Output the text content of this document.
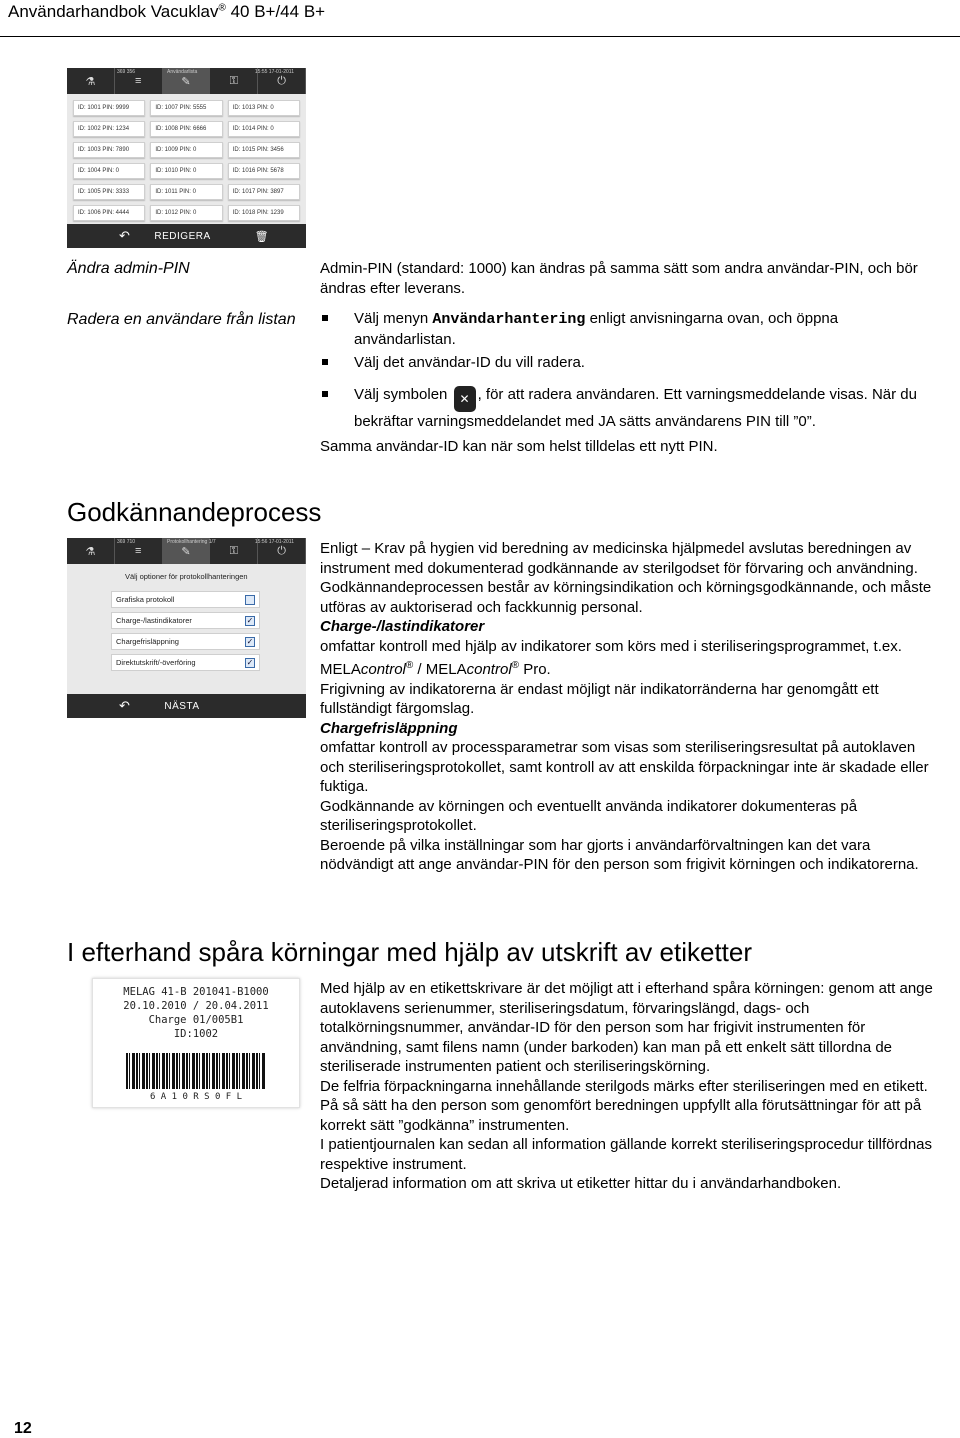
Användarhandbok Vacuklav® 40 B+/44 B+
⚗	≡	✎	⚿	⏻
369 356	Användarlista	15:55 17-01-2011
ID: 1001 PIN: 9999	ID: 1007 PIN: 5555	ID: 1013 PIN: 0
ID: 1002 PIN: 1234	ID: 1008 PIN: 6666	ID: 1014 PIN: 0
ID: 1003 PIN: 7890	ID: 1009 PIN: 0	ID: 1015 PIN: 3456
ID: 1004 PIN: 0	ID: 1010 PIN: 0	ID: 1016 PIN: 5678
ID: 1005 PIN: 3333	ID: 1011 PIN: 0	ID: 1017 PIN: 3897
ID: 1006 PIN: 4444	ID: 1012 PIN: 0	ID: 1018 PIN: 1239
↶ REDIGERA	🗑
Ändra admin-PIN	Admin-PIN (standard: 1000) kan ändras på samma sätt som andra användar-PIN, och bör ändras efter leverans.
Radera en användare från listan	Välj menyn Användarhantering enligt anvisningarna ovan, och öppna användarlistan.
Välj det användar-ID du vill radera.
Välj symbolen ✕ , för att radera användaren. Ett varningsmeddelande visas. När du bekräftar varningsmeddelandet med JA sätts användarens PIN till ”0”.
Samma användar-ID kan när som helst tilldelas ett nytt PIN.
Godkännandeprocess
⚗	≡	✎	⚿	⏻
369 710	Protokollhantering 1/7	15:56 17-01-2011
Välj optioner för protokollhanteringen
Grafiska protokoll
Charge-/lastindikatorer	✓
Chargefrisläppning	✓
Direktutskrift/-överföring	✓
↶	NÄSTA
Enligt – Krav på hygien vid beredning av medicinska hjälpmedel avslutas beredningen av instrument med dokumenterad godkännande av sterilgodset för förvaring och användning.
Godkännandeprocessen består av körningsindikation och körningsgodkännande, och måste utföras av auktoriserad och fackkunnig personal.
Charge-/lastindikatorer
omfattar kontroll med hjälp av indikatorer som körs med i steriliseringsprogrammet, t.ex. MELAcontrol® / MELAcontrol® Pro.
Frigivning av indikatorerna är endast möjligt när indikatorränderna har genomgått ett fullständigt färgomslag.
Chargefrisläppning
omfattar kontroll av processparametrar som visas som steriliseringsresultat på autoklaven och steriliseringsprotokollet, samt kontroll av att enskilda förpackningar inte är skadade eller fuktiga.
Godkännande av körningen och eventuellt använda indikatorer dokumenteras på steriliseringsprotokollet.
Beroende på vilka inställningar som har gjorts i användarförvaltningen kan det vara nödvändigt att ange användar-PIN för den person som frigivit körningen och indikatorerna.
I efterhand spåra körningar med hjälp av utskrift av etiketter
MELAG 41-B 201041-B1000
20.10.2010 / 20.04.2011
Charge 01/005B1
ID:1002
6 A 1 0 R S 0 F L
Med hjälp av en etikettskrivare är det möjligt att i efterhand spåra körningen: genom att ange autoklavens serienummer, steriliseringsdatum, förvaringslängd, dags- och totalkörningsnummer, användar-ID för den person som har frigivit instrumenten för användning, samt filens namn (under barkoden) kan man på ett enkelt sätt tillordna de steriliserade instrumenten patient och steriliseringskörning.
De felfria förpackningarna innehållande sterilgods märks efter steriliseringen med en etikett. På så sätt ha den person som genomfört beredningen uppfyllt alla förutsättningar för att på korrekt sätt ”godkänna” instrumenten.
I patientjournalen kan sedan all information gällande korrekt steriliseringsprocedur tillfördnas respektive instrument.
Detaljerad information om att skriva ut etiketter hittar du i användarhandboken.
12
